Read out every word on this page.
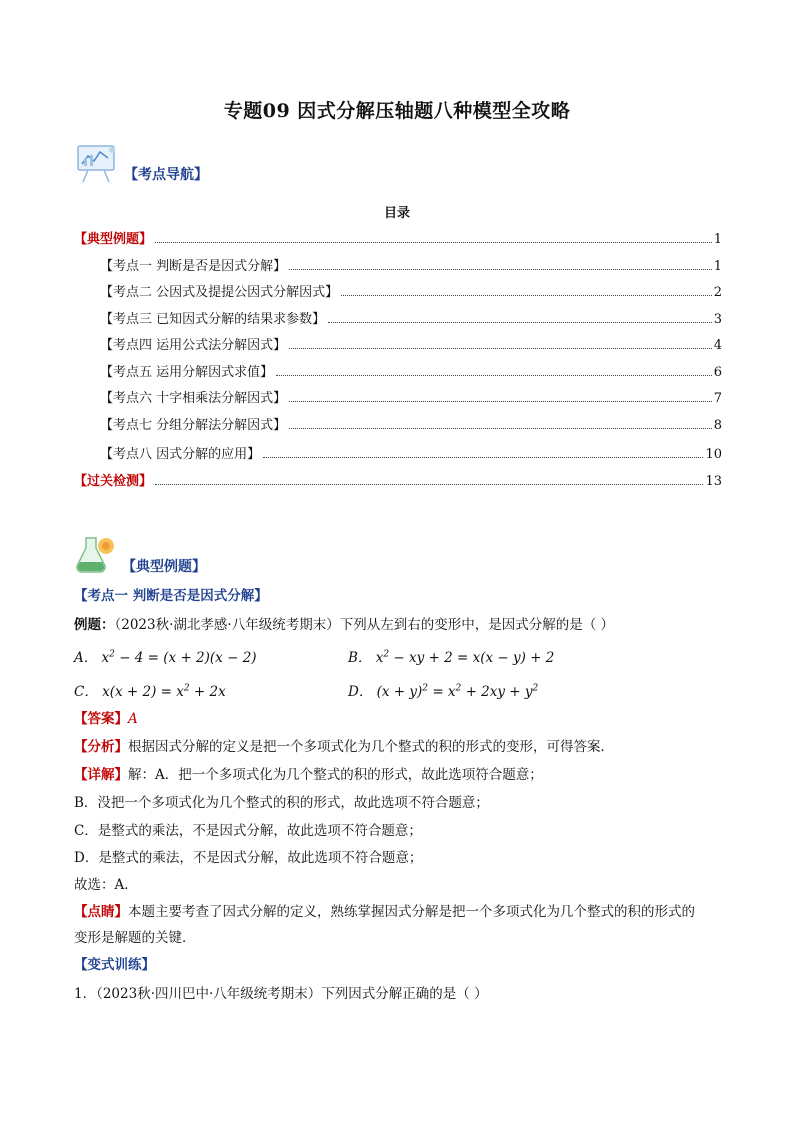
专题09 因式分解压轴题八种模型全攻略
【考点导航】
目录
【典型例题】	1
【考点一 判断是否是因式分解】	1
【考点二 公因式及提提公因式分解因式】	2
【考点三 已知因式分解的结果求参数】	3
【考点四 运用公式法分解因式】	4
【考点五 运用分解因式求值】	6
【考点六 十字相乘法分解因式】	7
【考点七 分组分解法分解因式】	8
【考点八 因式分解的应用】	10
【过关检测】	13
【典型例题】
【考点一 判断是否是因式分解】
例题：（2023秋·湖北孝感·八年级统考期末）下列从左到右的变形中，是因式分解的是（ ）
A． $x^2 - 4 = (x + 2)(x - 2)$	B． $x^2$ − xy + 2 = x(x − y) + 2
C． $x(x + 2) = x^2 + 2x$	D． $(x + y)^2 = x^2 + 2xy + y^2$
【答案】A
【分析】根据因式分解的定义是把一个多项式化为几个整式的积的形式的变形，可得答案．
【详解】解：A．把一个多项式化为几个整式的积的形式，故此选项符合题意；
B．没把一个多项式化为几个整式的积的形式，故此选项不符合题意；
C．是整式的乘法，不是因式分解，故此选项不符合题意；
D．是整式的乘法，不是因式分解，故此选项不符合题意；
故选：A．
【点睛】本题主要考查了因式分解的定义，熟练掌握因式分解是把一个多项式化为几个整式的积的形式的
变形是解题的关键．
【变式训练】
1．（2023秋·四川巴中·八年级统考期末）下列因式分解正确的是（ ）
